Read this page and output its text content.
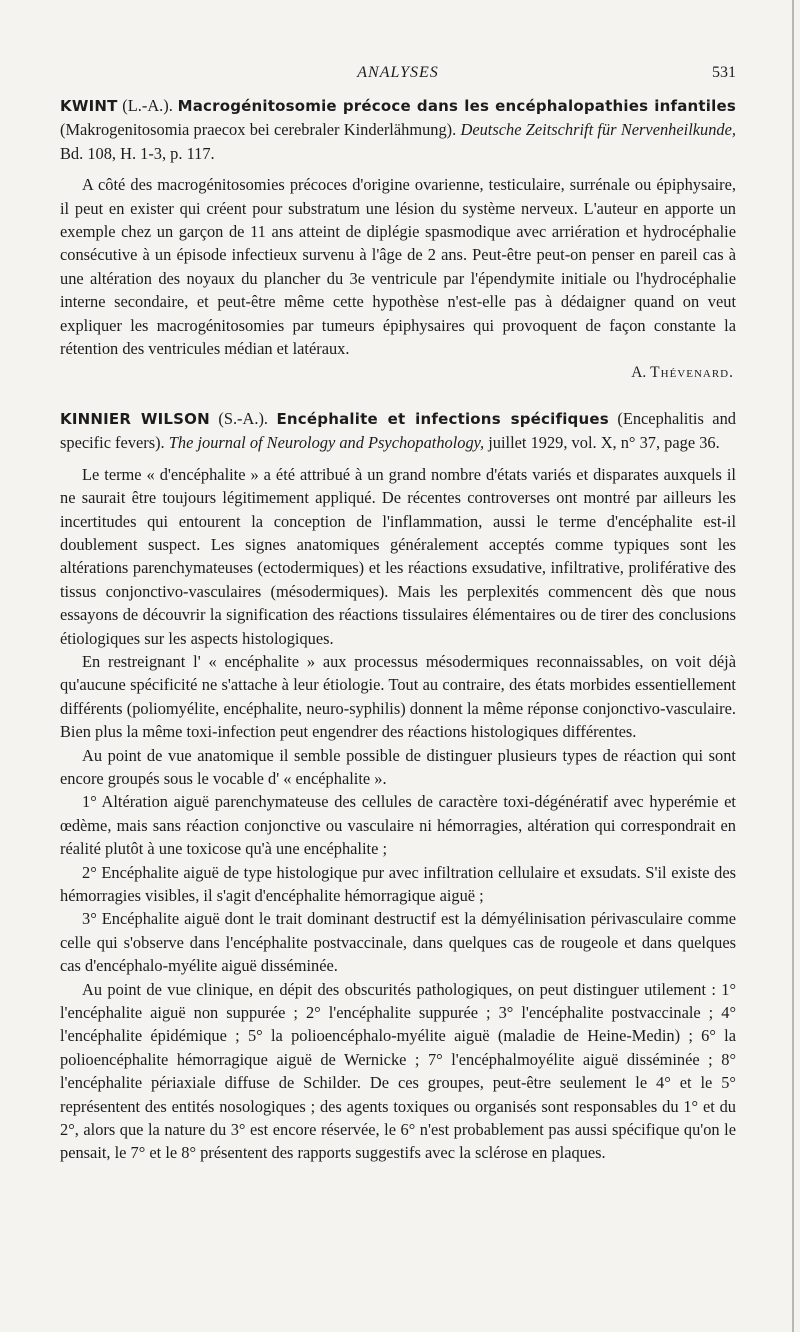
ANALYSES	531

KWINT (L.-A.). Macrogénitosomie précoce dans les encéphalopathies infantiles (Makrogenitosomia praecox bei cerebraler Kinderlähmung). Deutsche Zeitschrift für Nervenheilkunde, Bd. 108, H. 1-3, p. 117.

A côté des macrogénitosomies précoces d'origine ovarienne, testiculaire, surrénale ou épiphysaire, il peut en exister qui créent pour substratum une lésion du système nerveux. L'auteur en apporte un exemple chez un garçon de 11 ans atteint de diplégie spasmodique avec arriération et hydrocéphalie consécutive à un épisode infectieux survenu à l'âge de 2 ans. Peut-être peut-on penser en pareil cas à une altération des noyaux du plancher du 3e ventricule par l'épendymite initiale ou l'hydrocéphalie interne secondaire, et peut-être même cette hypothèse n'est-elle pas à dédaigner quand on veut expliquer les macrogénitosomies par tumeurs épiphysaires qui provoquent de façon constante la rétention des ventricules médian et latéraux.

A. Thévenard.

KINNIER WILSON (S.-A.). Encéphalite et infections spécifiques (Encephalitis and specific fevers). The journal of Neurology and Psychopathology, juillet 1929, vol. X, n° 37, page 36.

Le terme « d'encéphalite » a été attribué à un grand nombre d'états variés et disparates auxquels il ne saurait être toujours légitimement appliqué. De récentes controverses ont montré par ailleurs les incertitudes qui entourent la conception de l'inflammation, aussi le terme d'encéphalite est-il doublement suspect. Les signes anatomiques généralement acceptés comme typiques sont les altérations parenchymateuses (ectodermiques) et les réactions exsudative, infiltrative, proliférative des tissus conjonctivo-vasculaires (mésodermiques). Mais les perplexités commencent dès que nous essayons de découvrir la signification des réactions tissulaires élémentaires ou de tirer des conclusions étiologiques sur les aspects histologiques.

En restreignant l' « encéphalite » aux processus mésodermiques reconnaissables, on voit déjà qu'aucune spécificité ne s'attache à leur étiologie. Tout au contraire, des états morbides essentiellement différents (poliomyélite, encéphalite, neuro-syphilis) donnent la même réponse conjonctivo-vasculaire. Bien plus la même toxi-infection peut engendrer des réactions histologiques différentes.

Au point de vue anatomique il semble possible de distinguer plusieurs types de réaction qui sont encore groupés sous le vocable d' « encéphalite ».

1° Altération aiguë parenchymateuse des cellules de caractère toxi-dégénératif avec hyperémie et œdème, mais sans réaction conjonctive ou vasculaire ni hémorragies, altération qui correspondrait en réalité plutôt à une toxicose qu'à une encéphalite ;

2° Encéphalite aiguë de type histologique pur avec infiltration cellulaire et exsudats. S'il existe des hémorragies visibles, il s'agit d'encéphalite hémorragique aiguë ;

3° Encéphalite aiguë dont le trait dominant destructif est la démyélinisation périvasculaire comme celle qui s'observe dans l'encéphalite postvaccinale, dans quelques cas de rougeole et dans quelques cas d'encéphalo-myélite aiguë disséminée.

Au point de vue clinique, en dépit des obscurités pathologiques, on peut distinguer utilement : 1° l'encéphalite aiguë non suppurée ; 2° l'encéphalite suppurée ; 3° l'encéphalite postvaccinale ; 4° l'encéphalite épidémique ; 5° la polioencéphalo-myélite aiguë (maladie de Heine-Medin) ; 6° la polioencéphalite hémorragique aiguë de Wernicke ; 7° l'encéphalmoyélite aiguë disséminée ; 8° l'encéphalite périaxiale diffuse de Schilder. De ces groupes, peut-être seulement le 4° et le 5° représentent des entités nosologiques ; des agents toxiques ou organisés sont responsables du 1° et du 2°, alors que la nature du 3° est encore réservée, le 6° n'est probablement pas aussi spécifique qu'on le pensait, le 7° et le 8° présentent des rapports suggestifs avec la sclérose en plaques.
